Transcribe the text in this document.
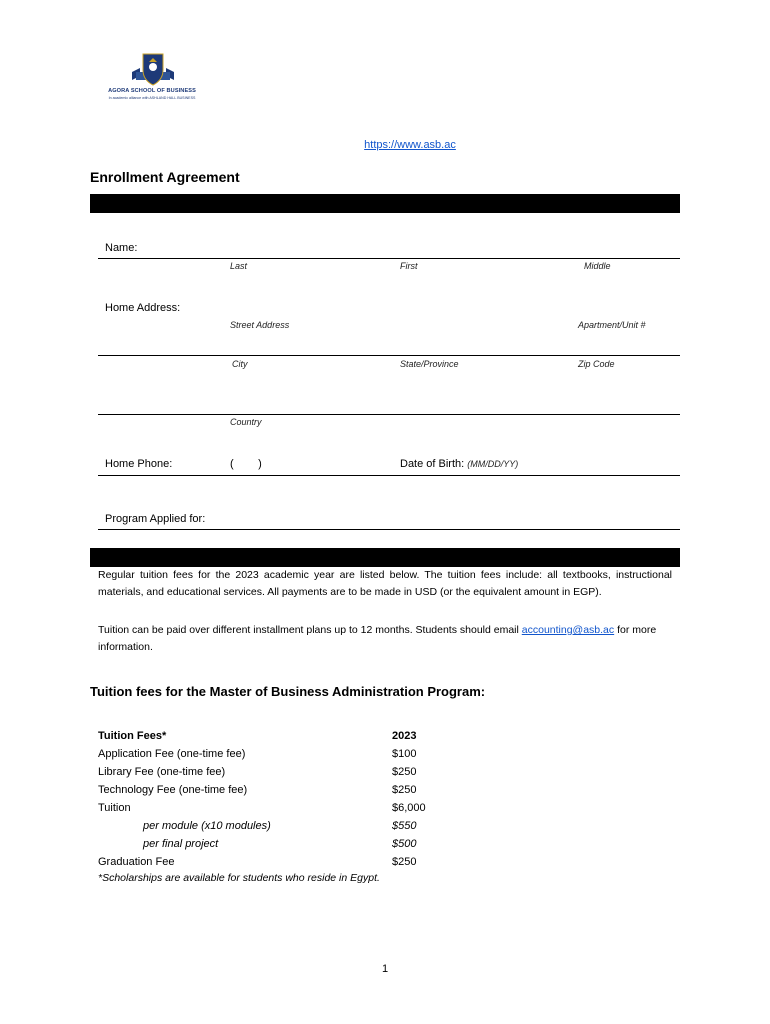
AGORA SCHOOL OF BUSINESS
In academic alliance with ASHLAND HALL BUSINESS
https://www.asb.ac
Enrollment Agreement
Name:
Last	First	Middle
Home Address:
Street Address	Apartment/Unit #
City	State/Province	Zip Code
Country
Home Phone:	(        )	Date of Birth: (MM/DD/YY)
Program Applied for:
Regular tuition fees for the 2023 academic year are listed below. The tuition fees include: all textbooks, instructional materials, and educational services. All payments are to be made in USD (or the equivalent amount in EGP).
Tuition can be paid over different installment plans up to 12 months. Students should email accounting@asb.ac for more information.
Tuition fees for the Master of Business Administration Program:
Tuition Fees*	2023
Application Fee (one-time fee)	$100
Library Fee (one-time fee)	$250
Technology Fee (one-time fee)	$250
Tuition	$6,000
per module (x10 modules)	$550
per final project	$500
Graduation Fee	$250
*Scholarships are available for students who reside in Egypt.
1
